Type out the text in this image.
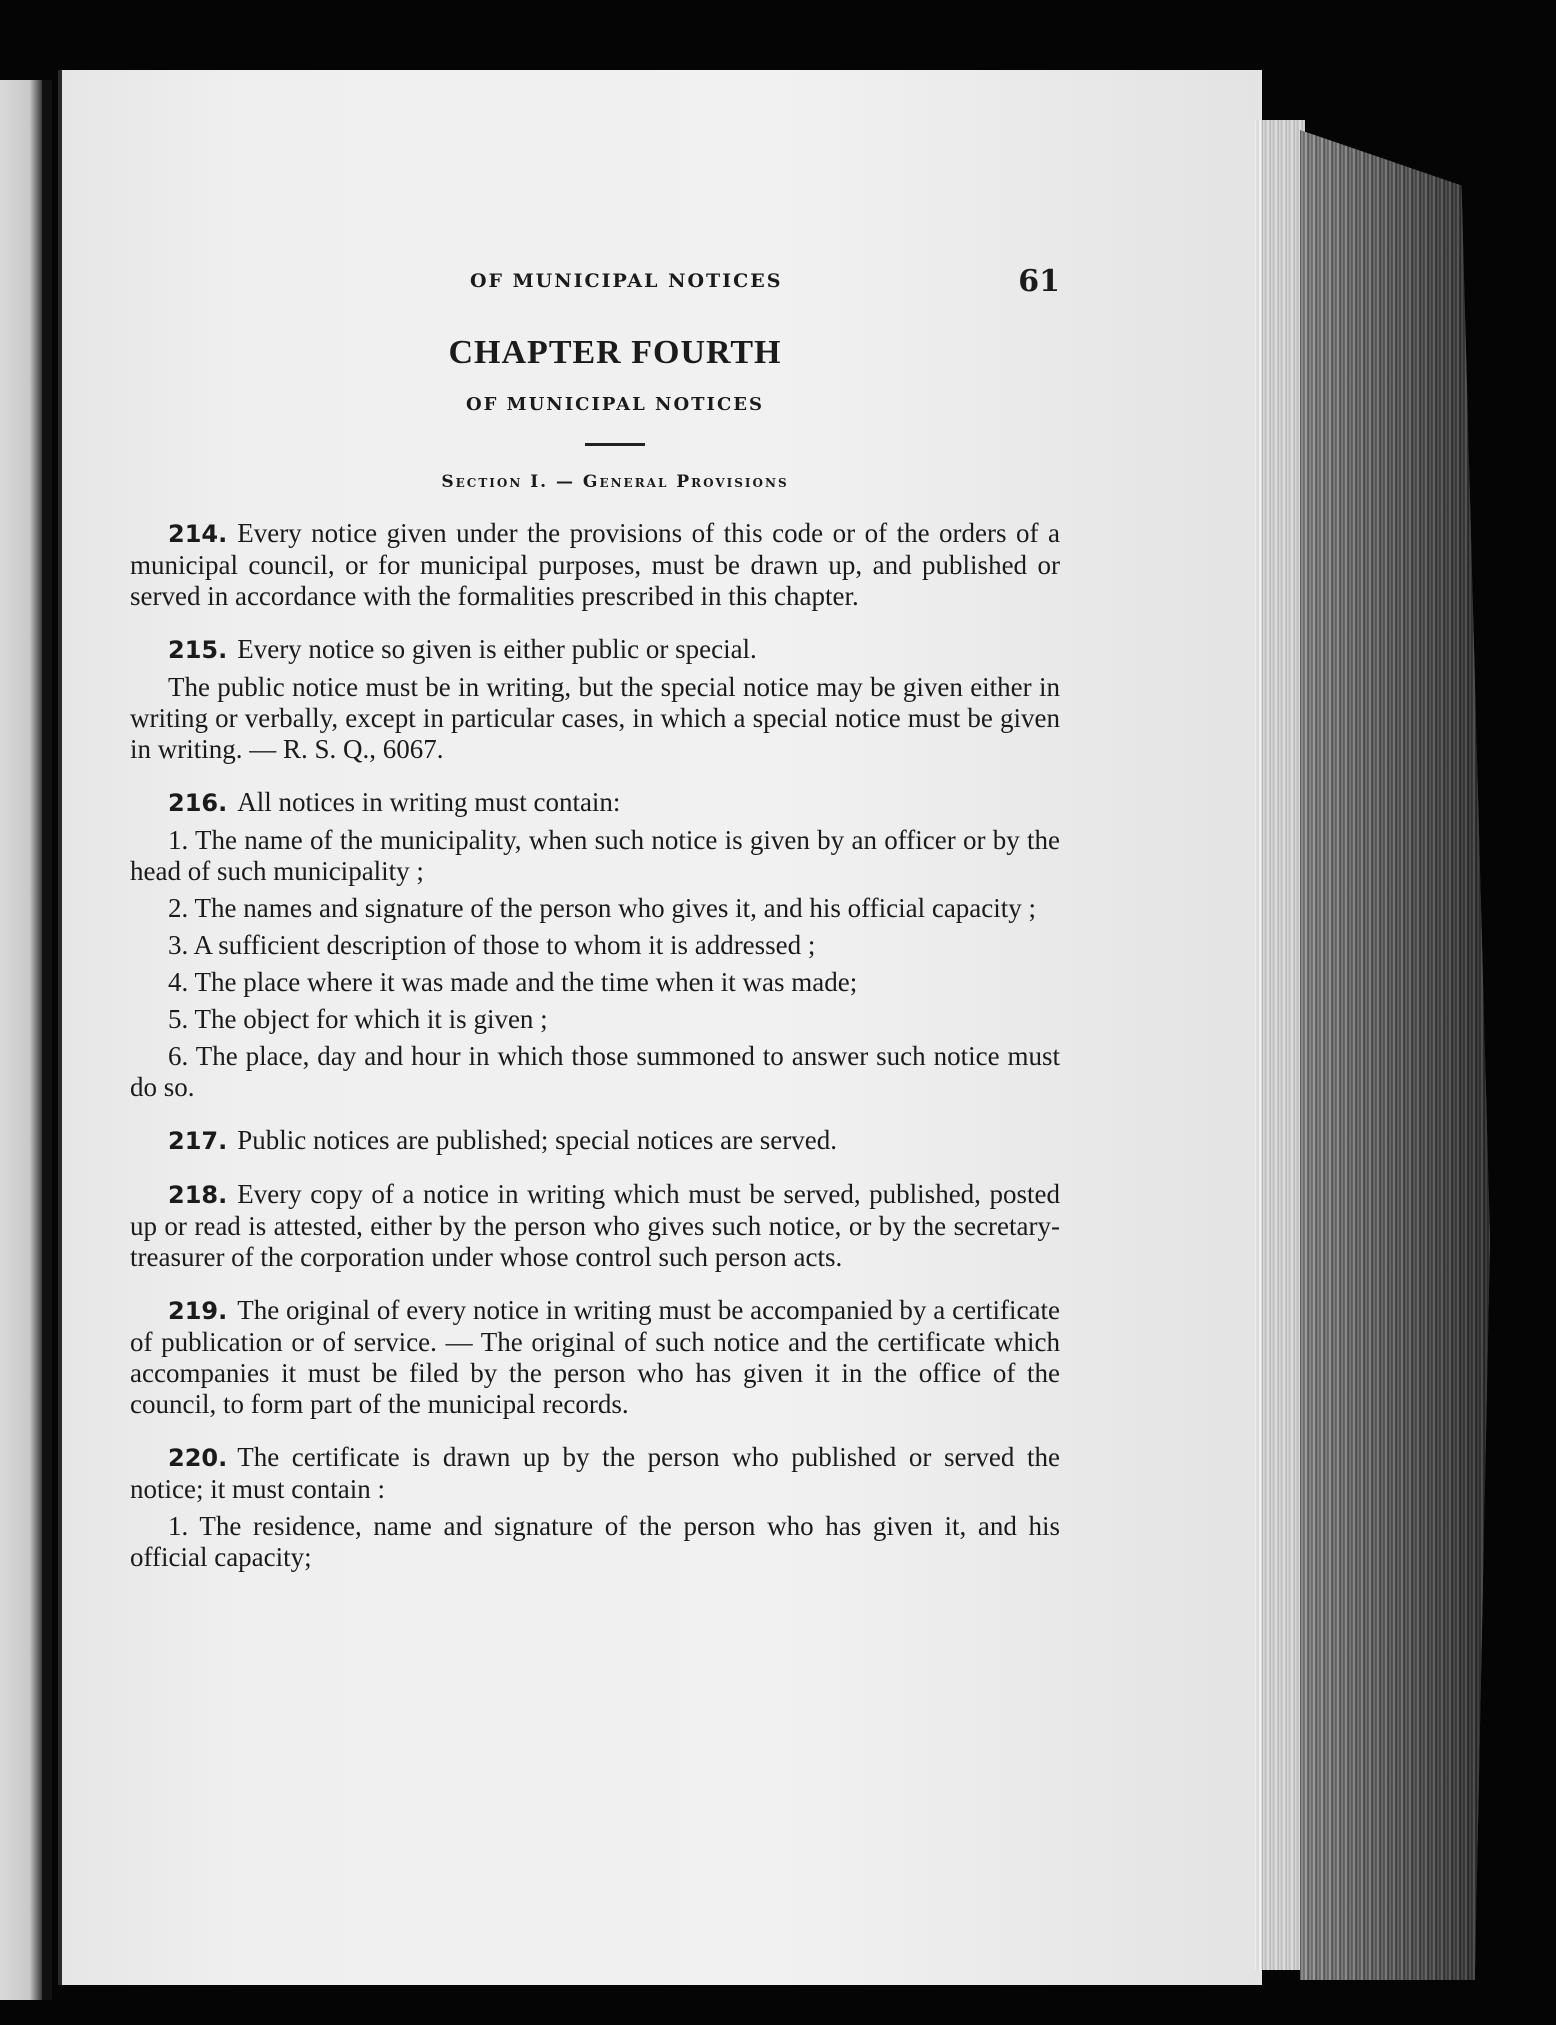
OF MUNICIPAL NOTICES	61
CHAPTER FOURTH
OF MUNICIPAL NOTICES
Section I. — General Provisions

214. Every notice given under the provisions of this code or of the orders of a municipal council, or for municipal purposes, must be drawn up, and published or served in accordance with the formalities prescribed in this chapter.

215. Every notice so given is either public or special.

The public notice must be in writing, but the special notice may be given either in writing or verbally, except in particular cases, in which a special notice must be given in writing. — R. S. Q., 6067.

216. All notices in writing must contain:

1. The name of the municipality, when such notice is given by an officer or by the head of such municipality ;

2. The names and signature of the person who gives it, and his official capacity ;

3. A sufficient description of those to whom it is addressed ;

4. The place where it was made and the time when it was made;

5. The object for which it is given ;

6. The place, day and hour in which those summoned to answer such notice must do so.

217. Public notices are published; special notices are served.

218. Every copy of a notice in writing which must be served, published, posted up or read is attested, either by the person who gives such notice, or by the secretary-treasurer of the corporation under whose control such person acts.

219. The original of every notice in writing must be accompanied by a certificate of publication or of service. — The original of such notice and the certificate which accompanies it must be filed by the person who has given it in the office of the council, to form part of the municipal records.

220. The certificate is drawn up by the person who published or served the notice; it must contain :

1. The residence, name and signature of the person who has given it, and his official capacity;
